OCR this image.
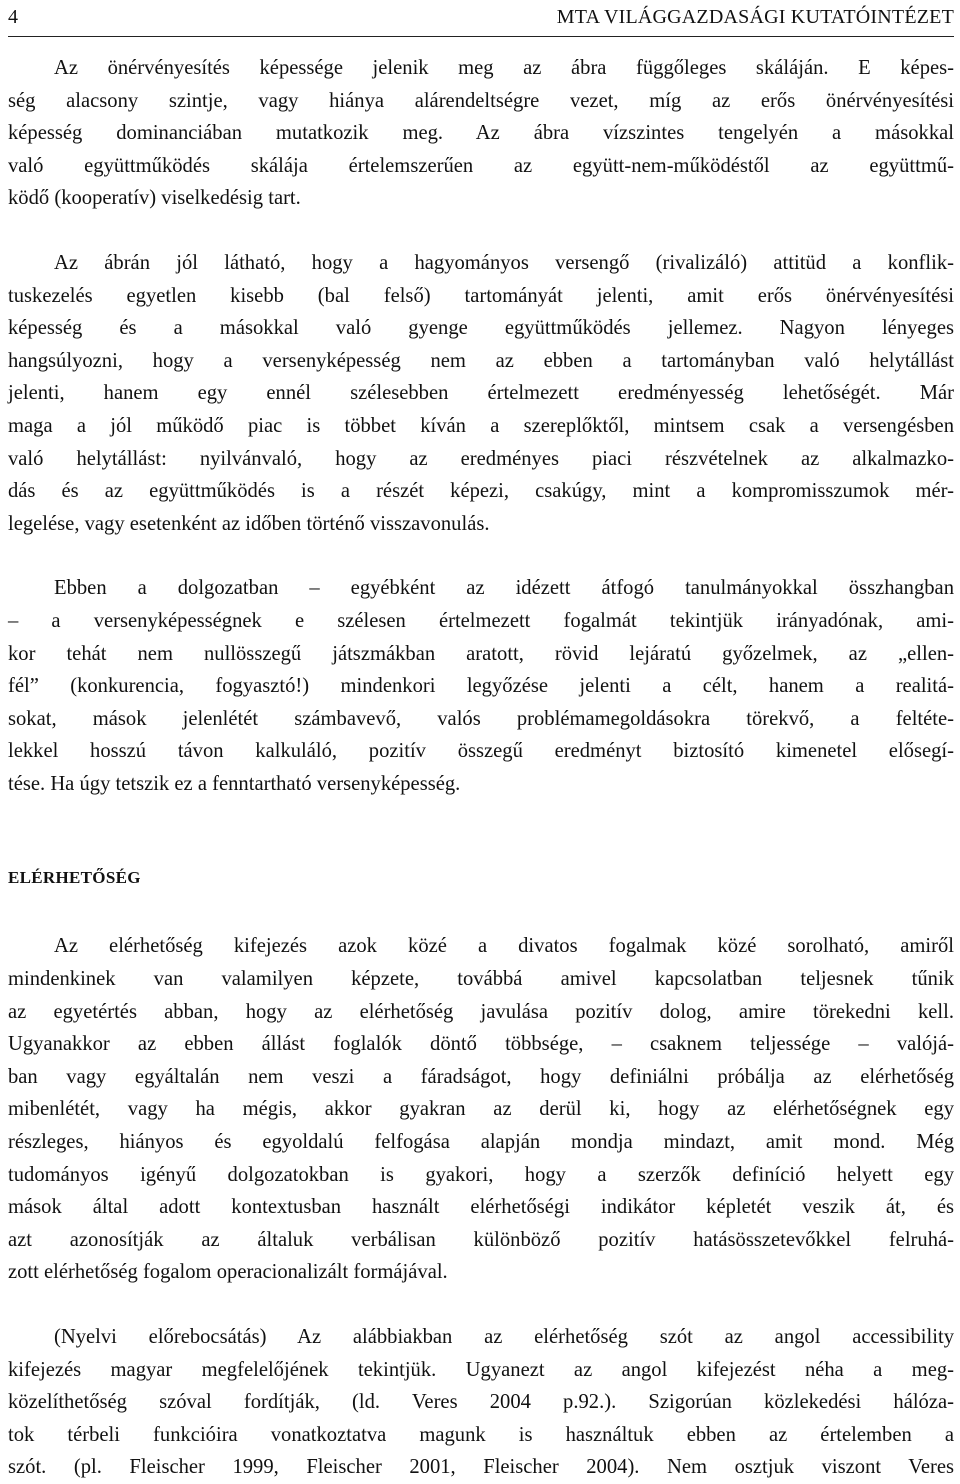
4	MTA VILÁGGAZDASÁGI KUTATÓINTÉZET

Az önérvényesítés képessége jelenik meg az ábra függőleges skáláján. E képes-
ség alacsony szintje, vagy hiánya alárendeltségre vezet, míg az erős önérvényesítési
képesség dominanciában mutatkozik meg. Az ábra vízszintes tengelyén a másokkal
való együttműködés skálája értelemszerűen az együtt-nem-működéstől az együttmű-
ködő (kooperatív) viselkedésig tart.

Az ábrán jól látható, hogy a hagyományos versengő (rivalizáló) attitüd a konflik-
tuskezelés egyetlen kisebb (bal felső) tartományát jelenti, amit erős önérvényesítési
képesség és a másokkal való gyenge együttműködés jellemez. Nagyon lényeges
hangsúlyozni, hogy a versenyképesség nem az ebben a tartományban való helytállást
jelenti, hanem egy ennél szélesebben értelmezett eredményesség lehetőségét. Már
maga a jól működő piac is többet kíván a szereplőktől, mintsem csak a versengésben
való helytállást: nyilvánvaló, hogy az eredményes piaci részvételnek az alkalmazko-
dás és az együttműködés is a részét képezi, csakúgy, mint a kompromisszumok mér-
legelése, vagy esetenként az időben történő visszavonulás.

Ebben a dolgozatban – egyébként az idézett átfogó tanulmányokkal összhangban
– a versenyképességnek e szélesen értelmezett fogalmát tekintjük irányadónak, ami-
kor tehát nem nullösszegű játszmákban aratott, rövid lejáratú győzelmek, az „ellen-
fél” (konkurencia, fogyasztó!) mindenkori legyőzése jelenti a célt, hanem a realitá-
sokat, mások jelenlétét számbavevő, valós problémamegoldásokra törekvő, a feltéte-
lekkel hosszú távon kalkuláló, pozitív összegű eredményt biztosító kimenetel elősegí-
tése. Ha úgy tetszik ez a fenntartható versenyképesség.

ELÉRHETŐSÉG

Az elérhetőség kifejezés azok közé a divatos fogalmak közé sorolható, amiről
mindenkinek van valamilyen képzete, továbbá amivel kapcsolatban teljesnek tűnik
az egyetértés abban, hogy az elérhetőség javulása pozitív dolog, amire törekedni kell.
Ugyanakkor az ebben állást foglalók döntő többsége, – csaknem teljessége – valójá-
ban vagy egyáltalán nem veszi a fáradságot, hogy definiálni próbálja az elérhetőség
mibenlétét, vagy ha mégis, akkor gyakran az derül ki, hogy az elérhetőségnek egy
részleges, hiányos és egyoldalú felfogása alapján mondja mindazt, amit mond. Még
tudományos igényű dolgozatokban is gyakori, hogy a szerzők definíció helyett egy
mások által adott kontextusban használt elérhetőségi indikátor képletét veszik át, és
azt azonosítják az általuk verbálisan különböző pozitív hatásösszetevőkkel felruhá-
zott elérhetőség fogalom operacionalizált formájával.

(Nyelvi előrebocsátás) Az alábbiakban az elérhetőség szót az angol accessibility
kifejezés magyar megfelelőjének tekintjük. Ugyanezt az angol kifejezést néha a meg-
közelíthetőség szóval fordítják, (ld. Veres 2004 p.92.). Szigorúan közlekedési hálóza-
tok térbeli funkcióira vonatkoztatva magunk is használtuk ebben az értelemben a
szót. (pl. Fleischer 1999, Fleischer 2001, Fleischer 2004). Nem osztjuk viszont Veres
